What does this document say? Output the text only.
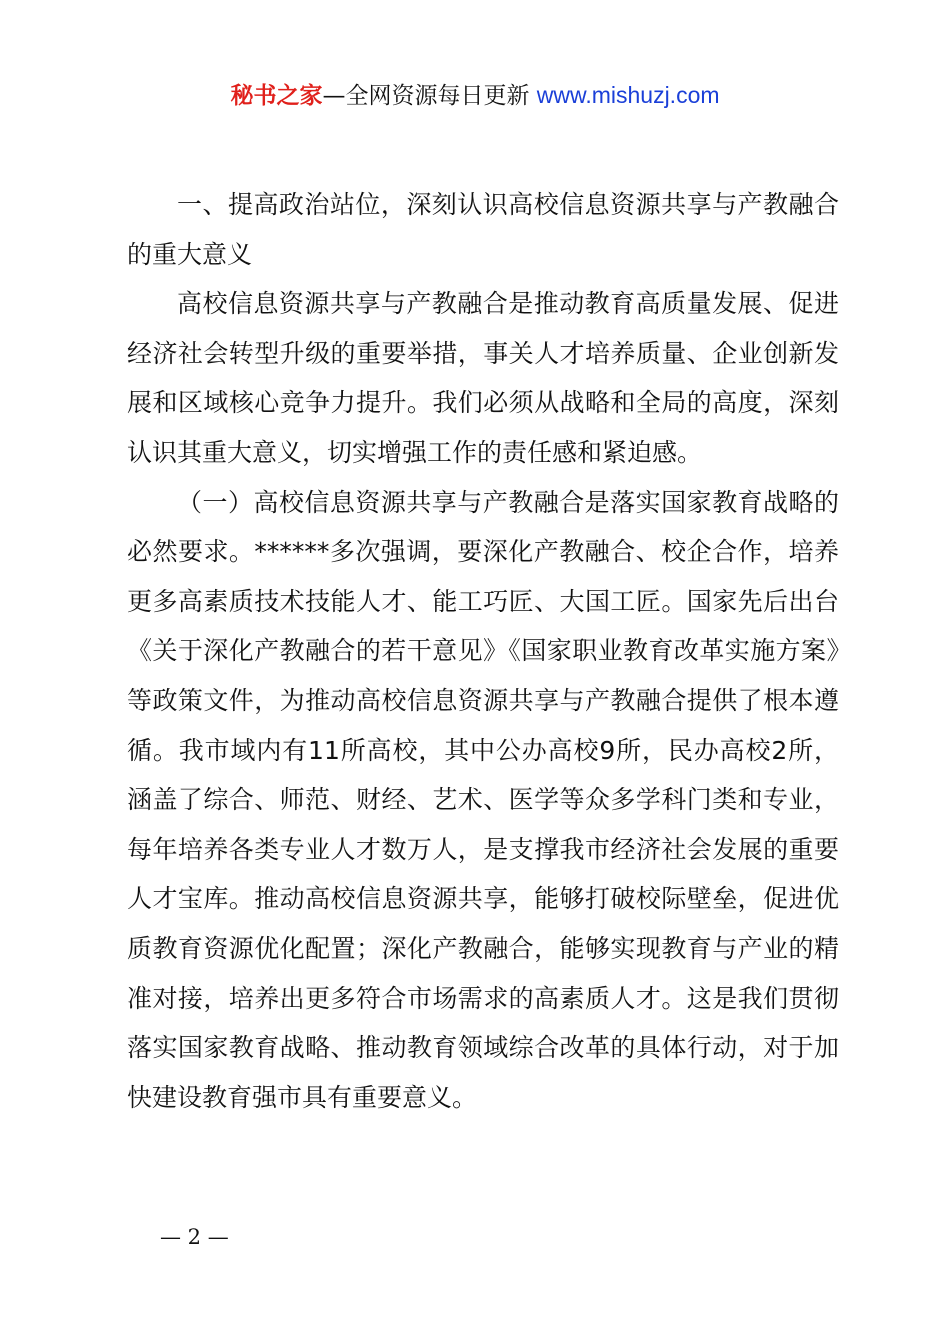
秘书之家—全网资源每日更新 www.mishuzj.com

一、提高政治站位，深刻认识高校信息资源共享与产教融合的重大意义

高校信息资源共享与产教融合是推动教育高质量发展、促进经济社会转型升级的重要举措，事关人才培养质量、企业创新发展和区域核心竞争力提升。我们必须从战略和全局的高度，深刻认识其重大意义，切实增强工作的责任感和紧迫感。

（一）高校信息资源共享与产教融合是落实国家教育战略的必然要求。******多次强调，要深化产教融合、校企合作，培养更多高素质技术技能人才、能工巧匠、大国工匠。国家先后出台《关于深化产教融合的若干意见》《国家职业教育改革实施方案》等政策文件，为推动高校信息资源共享与产教融合提供了根本遵循。我市域内有11所高校，其中公办高校9所，民办高校2所，涵盖了综合、师范、财经、艺术、医学等众多学科门类和专业，每年培养各类专业人才数万人，是支撑我市经济社会发展的重要人才宝库。推动高校信息资源共享，能够打破校际壁垒，促进优质教育资源优化配置；深化产教融合，能够实现教育与产业的精准对接，培养出更多符合市场需求的高素质人才。这是我们贯彻落实国家教育战略、推动教育领域综合改革的具体行动，对于加快建设教育强市具有重要意义。

— 2 —
